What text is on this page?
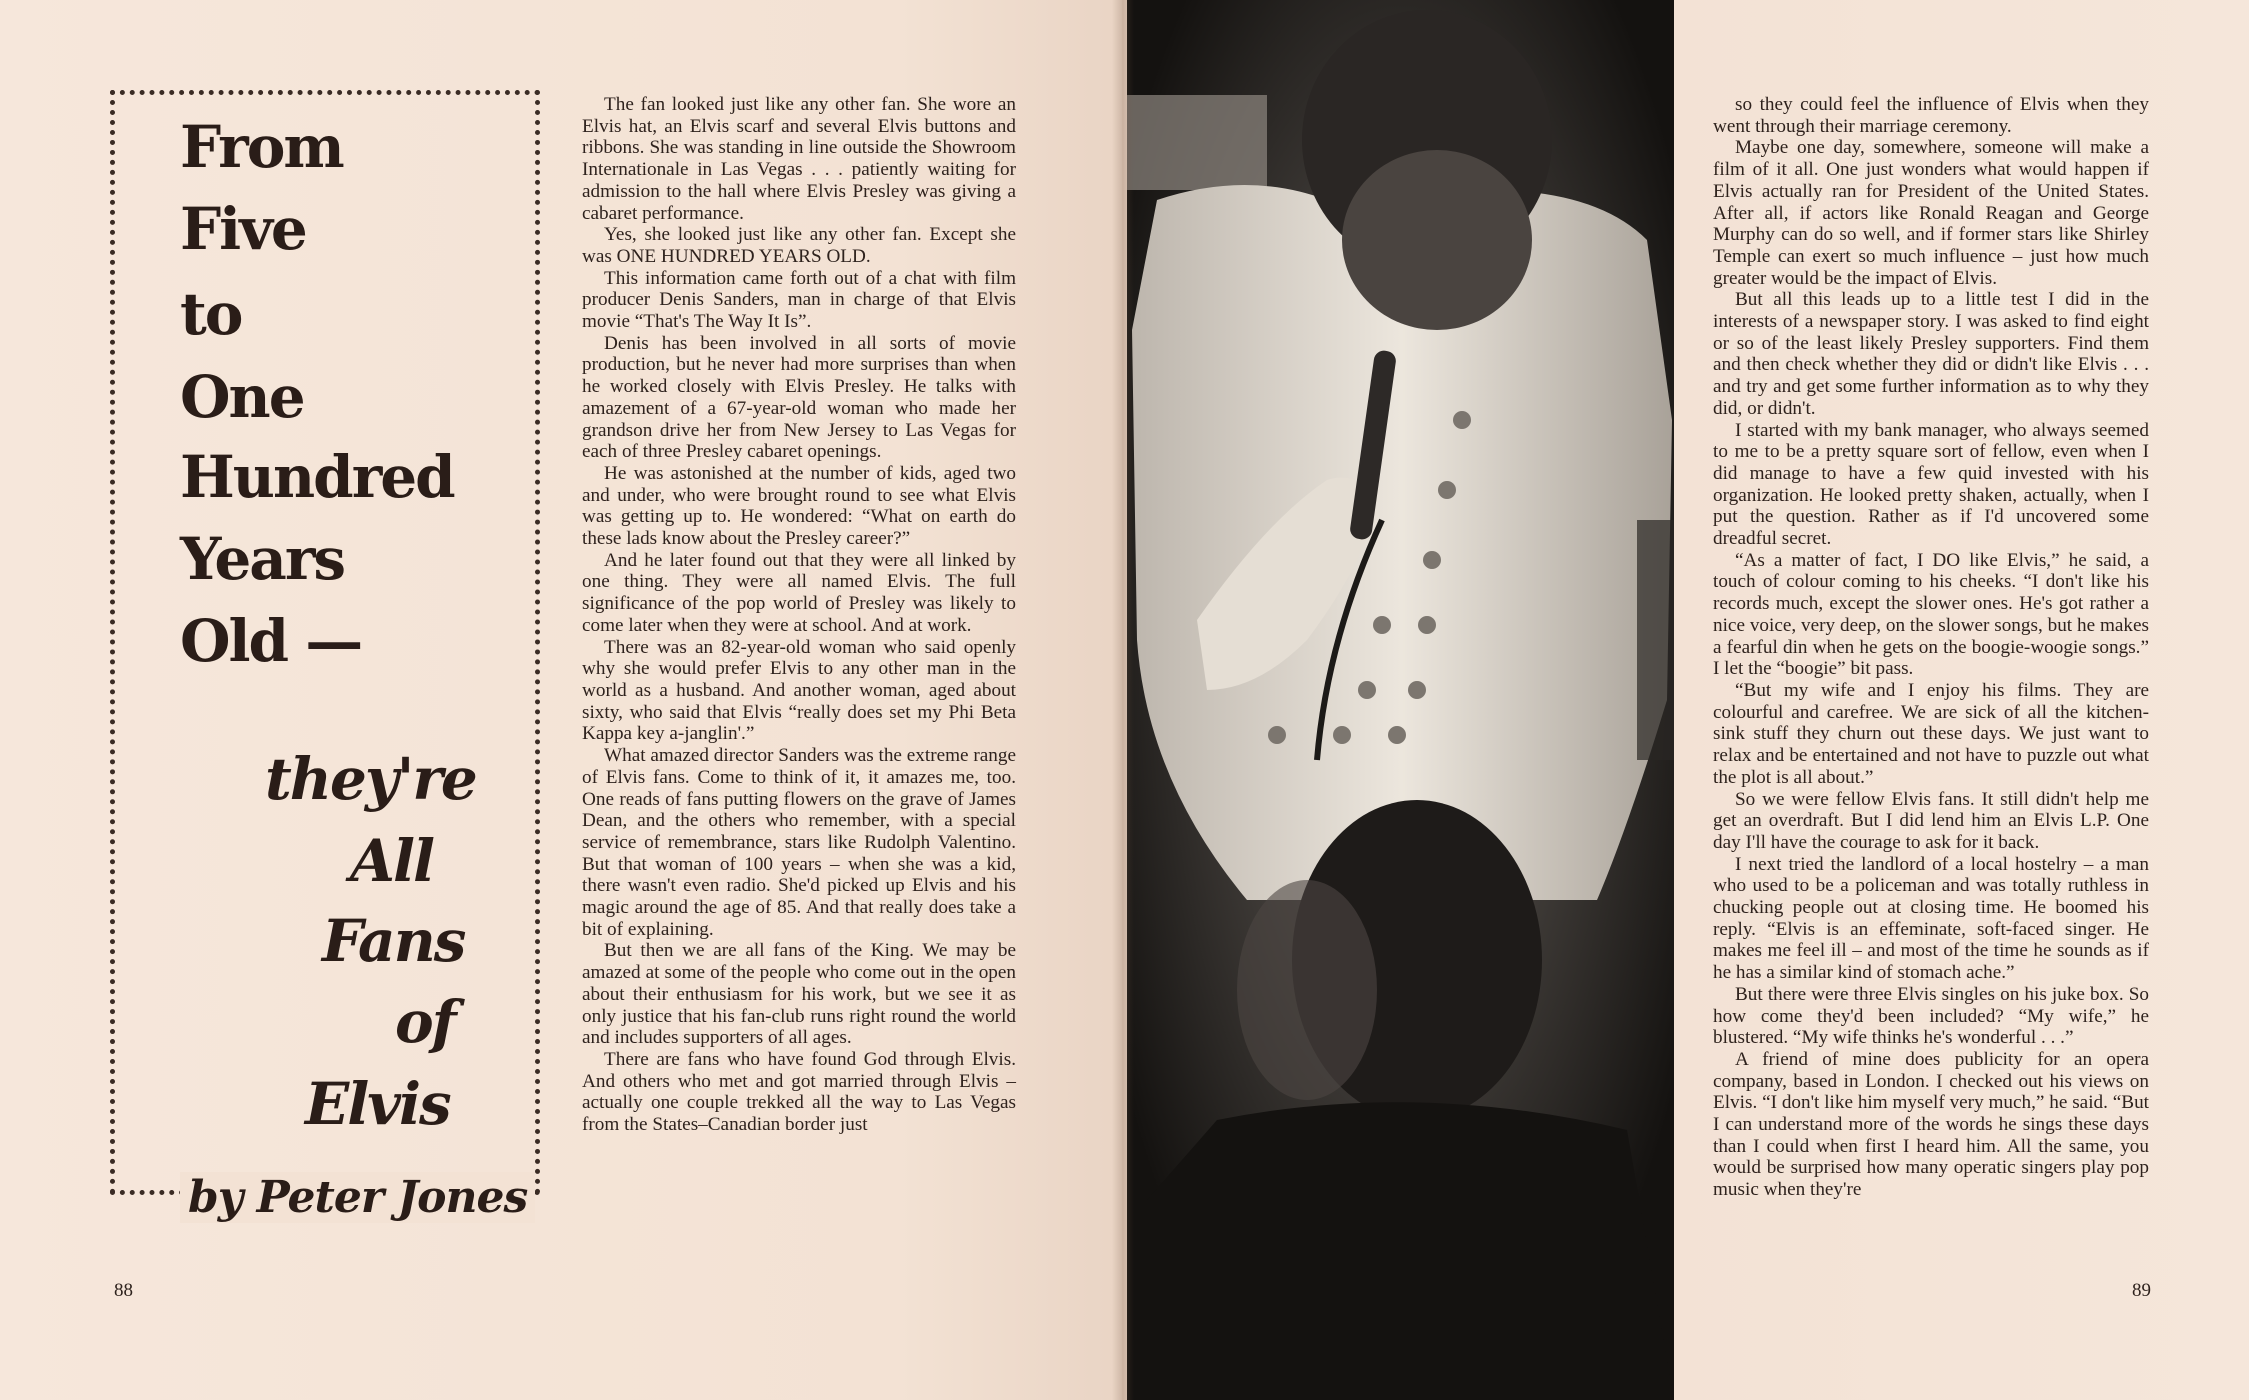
From
Five
to
One
Hundred
Years
Old —
they're
All
Fans
of
Elvis
by Peter Jones

The fan looked just like any other fan. She wore an Elvis hat, an Elvis scarf and several Elvis buttons and ribbons. She was standing in line outside the Showroom Internationale in Las Vegas . . . patiently waiting for admission to the hall where Elvis Presley was giving a cabaret performance.

Yes, she looked just like any other fan. Except she was ONE HUNDRED YEARS OLD.

This information came forth out of a chat with film producer Denis Sanders, man in charge of that Elvis movie “That's The Way It Is”.

Denis has been involved in all sorts of movie production, but he never had more surprises than when he worked closely with Elvis Presley. He talks with amazement of a 67-year-old woman who made her grandson drive her from New Jersey to Las Vegas for each of three Presley cabaret openings.

He was astonished at the number of kids, aged two and under, who were brought round to see what Elvis was getting up to. He wondered: “What on earth do these lads know about the Presley career?”

And he later found out that they were all linked by one thing. They were all named Elvis. The full significance of the pop world of Presley was likely to come later when they were at school. And at work.

There was an 82-year-old woman who said openly why she would prefer Elvis to any other man in the world as a husband. And another woman, aged about sixty, who said that Elvis “really does set my Phi Beta Kappa key a-janglin'.”

What amazed director Sanders was the extreme range of Elvis fans. Come to think of it, it amazes me, too. One reads of fans putting flowers on the grave of James Dean, and the others who remember, with a special service of remembrance, stars like Rudolph Valentino. But that woman of 100 years – when she was a kid, there wasn't even radio. She'd picked up Elvis and his magic around the age of 85. And that really does take a bit of explaining.

But then we are all fans of the King. We may be amazed at some of the people who come out in the open about their enthusiasm for his work, but we see it as only justice that his fan-club runs right round the world and includes supporters of all ages.

There are fans who have found God through Elvis. And others who met and got married through Elvis – actually one couple trekked all the way to Las Vegas from the States–Canadian border just

so they could feel the influence of Elvis when they went through their marriage ceremony.

Maybe one day, somewhere, someone will make a film of it all. One just wonders what would happen if Elvis actually ran for President of the United States. After all, if actors like Ronald Reagan and George Murphy can do so well, and if former stars like Shirley Temple can exert so much influence – just how much greater would be the impact of Elvis.

But all this leads up to a little test I did in the interests of a newspaper story. I was asked to find eight or so of the least likely Presley supporters. Find them and then check whether they did or didn't like Elvis . . . and try and get some further information as to why they did, or didn't.

I started with my bank manager, who always seemed to me to be a pretty square sort of fellow, even when I did manage to have a few quid invested with his organization. He looked pretty shaken, actually, when I put the question. Rather as if I'd uncovered some dreadful secret.

“As a matter of fact, I DO like Elvis,” he said, a touch of colour coming to his cheeks. “I don't like his records much, except the slower ones. He's got rather a nice voice, very deep, on the slower songs, but he makes a fearful din when he gets on the boogie-woogie songs.” I let the “boogie” bit pass.

“But my wife and I enjoy his films. They are colourful and carefree. We are sick of all the kitchen-sink stuff they churn out these days. We just want to relax and be entertained and not have to puzzle out what the plot is all about.”

So we were fellow Elvis fans. It still didn't help me get an overdraft. But I did lend him an Elvis L.P. One day I'll have the courage to ask for it back.

I next tried the landlord of a local hostelry – a man who used to be a policeman and was totally ruthless in chucking people out at closing time. He boomed his reply. “Elvis is an effeminate, soft-faced singer. He makes me feel ill – and most of the time he sounds as if he has a similar kind of stomach ache.”

But there were three Elvis singles on his juke box. So how come they'd been included? “My wife,” he blustered. “My wife thinks he's wonderful . . .”

A friend of mine does publicity for an opera company, based in London. I checked out his views on Elvis. “I don't like him myself very much,” he said. “But I can understand more of the words he sings these days than I could when first I heard him. All the same, you would be surprised how many operatic singers play pop music when they're

88	89
